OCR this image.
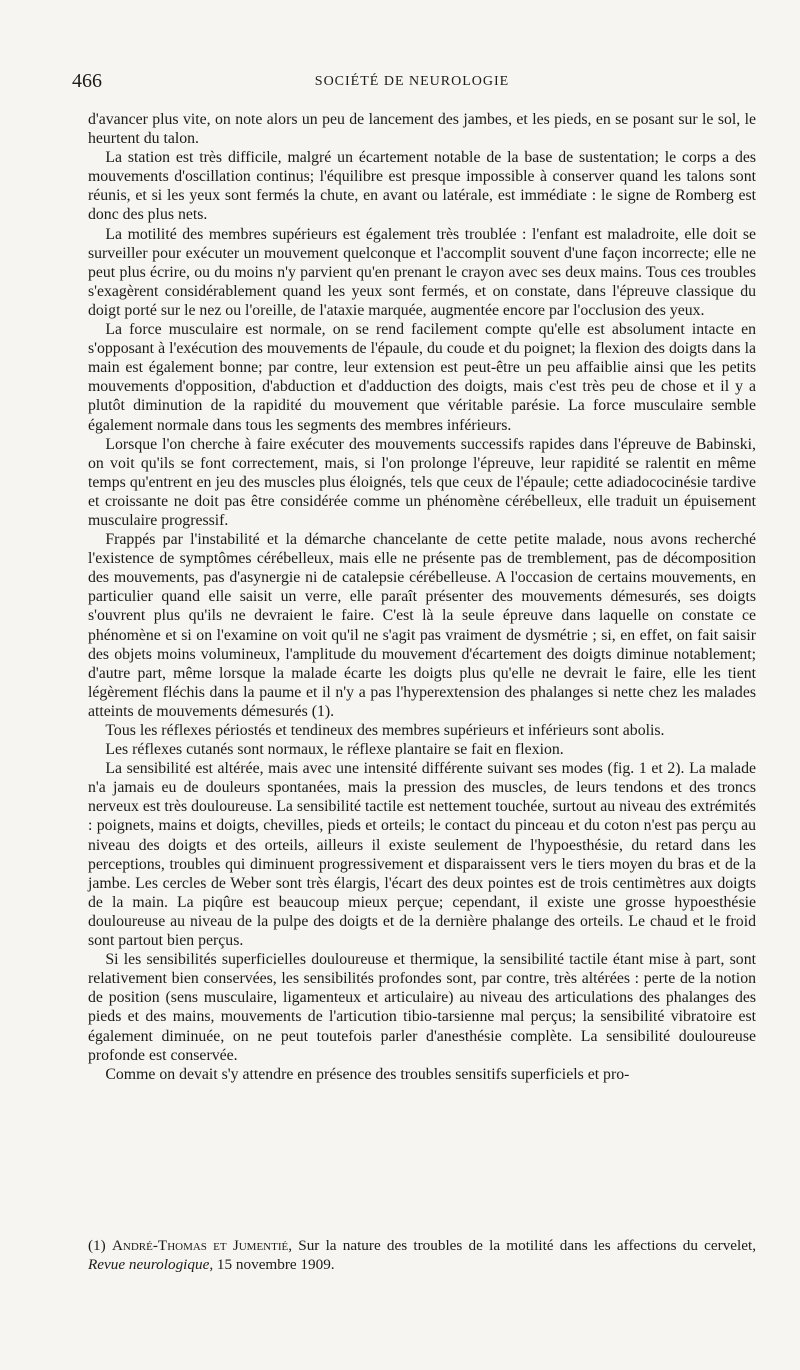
466	SOCIÉTÉ DE NEUROLOGIE

d'avancer plus vite, on note alors un peu de lancement des jambes, et les pieds, en se posant sur le sol, le heurtent du talon.

La station est très difficile, malgré un écartement notable de la base de sustentation; le corps a des mouvements d'oscillation continus; l'équilibre est presque impossible à conserver quand les talons sont réunis, et si les yeux sont fermés la chute, en avant ou latérale, est immédiate : le signe de Romberg est donc des plus nets.

La motilité des membres supérieurs est également très troublée : l'enfant est maladroite, elle doit se surveiller pour exécuter un mouvement quelconque et l'accomplit souvent d'une façon incorrecte; elle ne peut plus écrire, ou du moins n'y parvient qu'en prenant le crayon avec ses deux mains. Tous ces troubles s'exagèrent considérablement quand les yeux sont fermés, et on constate, dans l'épreuve classique du doigt porté sur le nez ou l'oreille, de l'ataxie marquée, augmentée encore par l'occlusion des yeux.

La force musculaire est normale, on se rend facilement compte qu'elle est absolument intacte en s'opposant à l'exécution des mouvements de l'épaule, du coude et du poignet; la flexion des doigts dans la main est également bonne; par contre, leur extension est peut-être un peu affaiblie ainsi que les petits mouvements d'opposition, d'abduction et d'adduction des doigts, mais c'est très peu de chose et il y a plutôt diminution de la rapidité du mouvement que véritable parésie. La force musculaire semble également normale dans tous les segments des membres inférieurs.

Lorsque l'on cherche à faire exécuter des mouvements successifs rapides dans l'épreuve de Babinski, on voit qu'ils se font correctement, mais, si l'on prolonge l'épreuve, leur rapidité se ralentit en même temps qu'entrent en jeu des muscles plus éloignés, tels que ceux de l'épaule; cette adiadococinésie tardive et croissante ne doit pas être considérée comme un phénomène cérébelleux, elle traduit un épuisement musculaire progressif.

Frappés par l'instabilité et la démarche chancelante de cette petite malade, nous avons recherché l'existence de symptômes cérébelleux, mais elle ne présente pas de tremblement, pas de décomposition des mouvements, pas d'asynergie ni de catalepsie cérébelleuse. A l'occasion de certains mouvements, en particulier quand elle saisit un verre, elle paraît présenter des mouvements démesurés, ses doigts s'ouvrent plus qu'ils ne devraient le faire. C'est là la seule épreuve dans laquelle on constate ce phénomène et si on l'examine on voit qu'il ne s'agit pas vraiment de dysmétrie ; si, en effet, on fait saisir des objets moins volumineux, l'amplitude du mouvement d'écartement des doigts diminue notablement; d'autre part, même lorsque la malade écarte les doigts plus qu'elle ne devrait le faire, elle les tient légèrement fléchis dans la paume et il n'y a pas l'hyperextension des phalanges si nette chez les malades atteints de mouvements démesurés (1).

Tous les réflexes périostés et tendineux des membres supérieurs et inférieurs sont abolis.

Les réflexes cutanés sont normaux, le réflexe plantaire se fait en flexion.

La sensibilité est altérée, mais avec une intensité différente suivant ses modes (fig. 1 et 2). La malade n'a jamais eu de douleurs spontanées, mais la pression des muscles, de leurs tendons et des troncs nerveux est très douloureuse. La sensibilité tactile est nettement touchée, surtout au niveau des extrémités : poignets, mains et doigts, chevilles, pieds et orteils; le contact du pinceau et du coton n'est pas perçu au niveau des doigts et des orteils, ailleurs il existe seulement de l'hypoesthésie, du retard dans les perceptions, troubles qui diminuent progressivement et disparaissent vers le tiers moyen du bras et de la jambe. Les cercles de Weber sont très élargis, l'écart des deux pointes est de trois centimètres aux doigts de la main. La piqûre est beaucoup mieux perçue; cependant, il existe une grosse hypoesthésie douloureuse au niveau de la pulpe des doigts et de la dernière phalange des orteils. Le chaud et le froid sont partout bien perçus.

Si les sensibilités superficielles douloureuse et thermique, la sensibilité tactile étant mise à part, sont relativement bien conservées, les sensibilités profondes sont, par contre, très altérées : perte de la notion de position (sens musculaire, ligamenteux et articulaire) au niveau des articulations des phalanges des pieds et des mains, mouvements de l'articution tibio-tarsienne mal perçus; la sensibilité vibratoire est également diminuée, on ne peut toutefois parler d'anesthésie complète. La sensibilité douloureuse profonde est conservée.

Comme on devait s'y attendre en présence des troubles sensitifs superficiels et pro-

(1) André-Thomas et Jumentié, Sur la nature des troubles de la motilité dans les affections du cervelet, Revue neurologique, 15 novembre 1909.
